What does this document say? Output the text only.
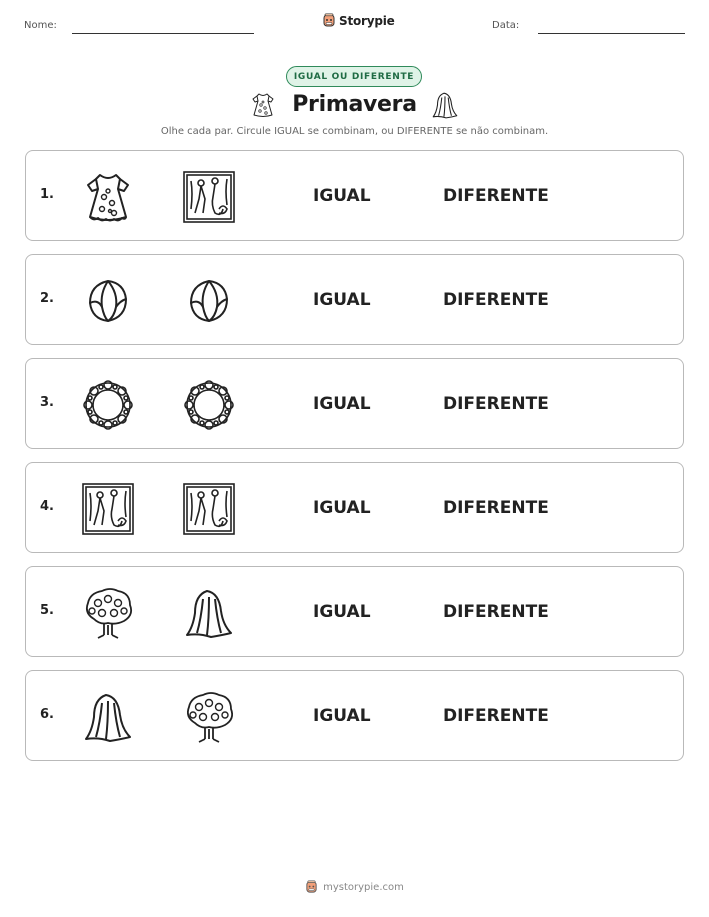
Nome:	Storypie	Data:
IGUAL OU DIFERENTE
Primavera
Olhe cada par. Circule IGUAL se combinam, ou DIFERENTE se não combinam.
1.	IGUAL	DIFERENTE
2.	IGUAL	DIFERENTE
3.	IGUAL	DIFERENTE
4.	IGUAL	DIFERENTE
5.	IGUAL	DIFERENTE
6.	IGUAL	DIFERENTE
mystorypie.com
